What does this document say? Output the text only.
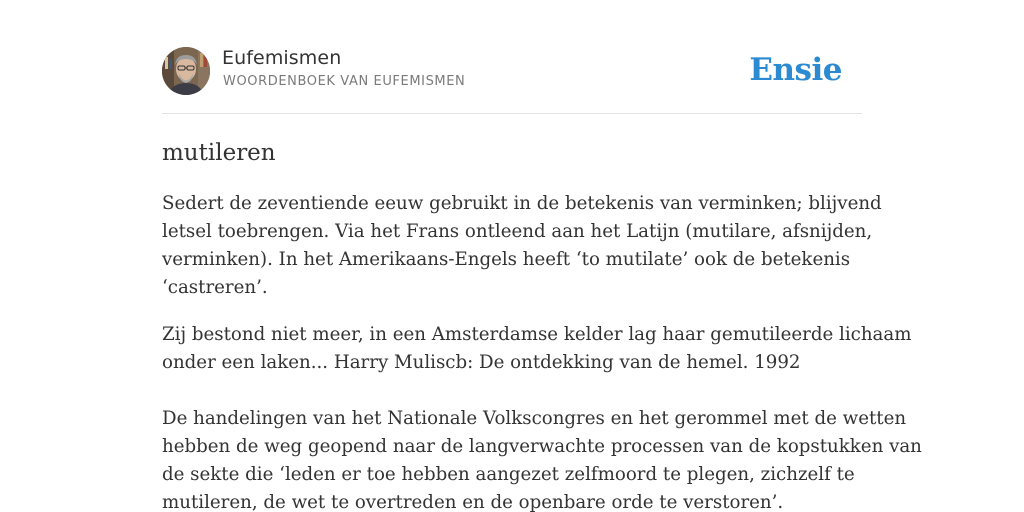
Eufemismen
WOORDENBOEK VAN EUFEMISMEN	Ensie
mutileren

Sedert de zeventiende eeuw gebruikt in de betekenis van verminken; blijvend

letsel toebrengen. Via het Frans ontleend aan het Latijn (mutilare, afsnijden,

verminken). In het Amerikaans-Engels heeft ‘to mutilate’ ook de betekenis

‘castreren’.

Zij bestond niet meer, in een Amsterdamse kelder lag haar gemutileerde lichaam

onder een laken... Harry Muliscb: De ontdekking van de hemel. 1992

De handelingen van het Nationale Volkscongres en het gerommel met de wetten

hebben de weg geopend naar de langverwachte processen van de kopstukken van

de sekte die ‘leden er toe hebben aangezet zelfmoord te plegen, zichzelf te

mutileren, de wet te overtreden en de openbare orde te verstoren’.
